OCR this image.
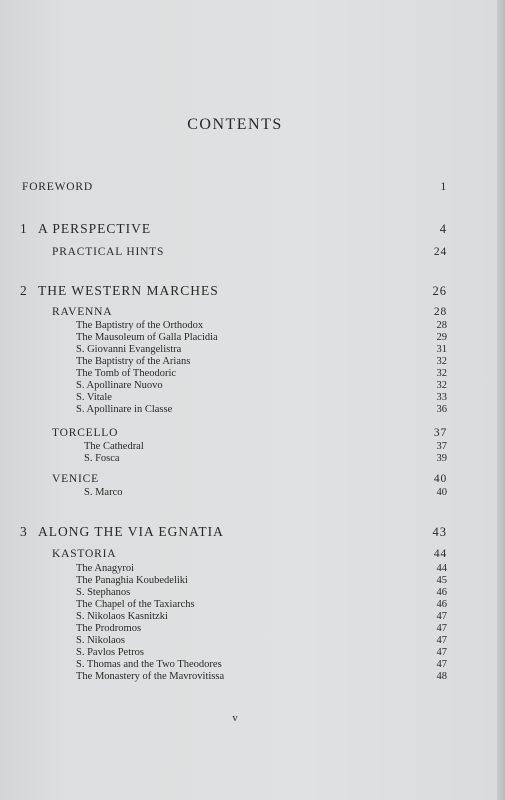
CONTENTS
FOREWORD	1
1 A PERSPECTIVE	4
PRACTICAL HINTS	24
2 THE WESTERN MARCHES	26
RAVENNA	28
The Baptistry of the Orthodox	28
The Mausoleum of Galla Placidia	29
S. Giovanni Evangelistra	31
The Baptistry of the Arians	32
The Tomb of Theodoric	32
S. Apollinare Nuovo	32
S. Vitale	33
S. Apollinare in Classe	36
TORCELLO	37
The Cathedral	37
S. Fosca	39
VENICE	40
S. Marco	40
3 ALONG THE VIA EGNATIA	43
KASTORIA	44
The Anagyroi	44
The Panaghia Koubedeliki	45
S. Stephanos	46
The Chapel of the Taxiarchs	46
S. Nikolaos Kasnitzki	47
The Prodromos	47
S. Nikolaos	47
S. Pavlos Petros	47
S. Thomas and the Two Theodores	47
The Monastery of the Mavrovitissa	48
v
